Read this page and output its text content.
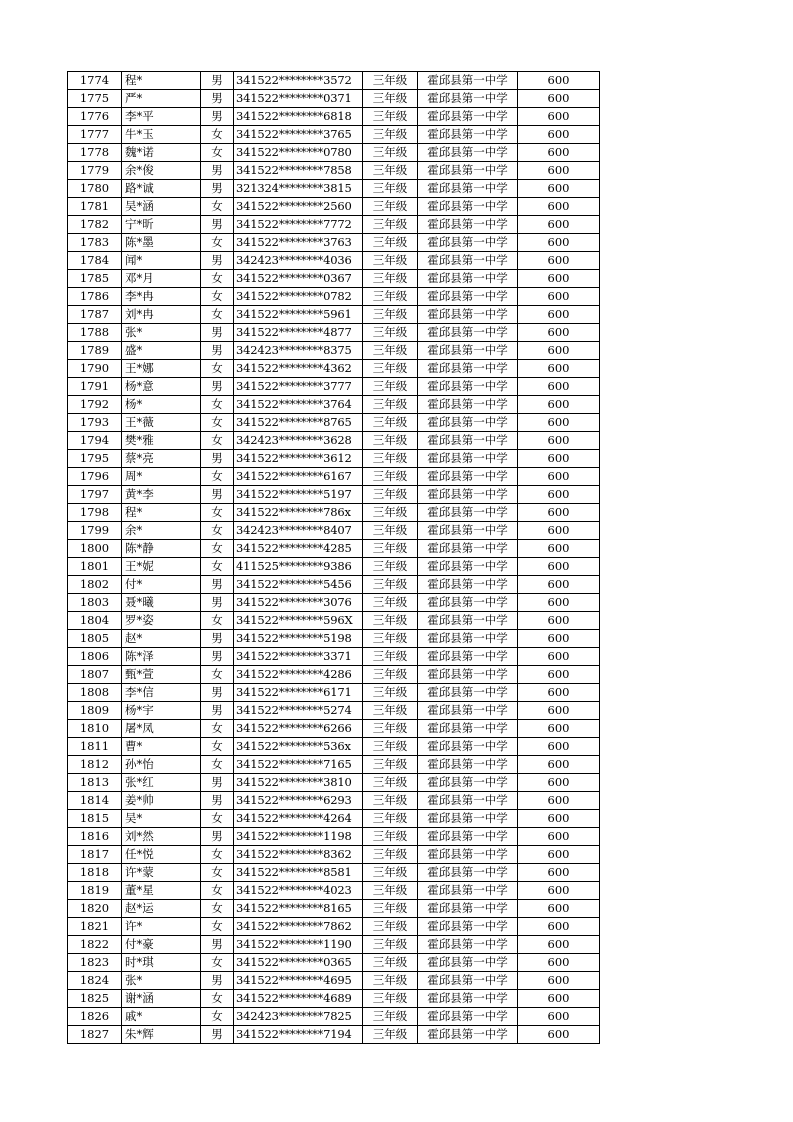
1774	程*	男	341522********3572	三年级	霍邱县第一中学	600
1775	严*	男	341522********0371	三年级	霍邱县第一中学	600
1776	李*平	男	341522********6818	三年级	霍邱县第一中学	600
1777	牛*玉	女	341522********3765	三年级	霍邱县第一中学	600
1778	魏*诺	女	341522********0780	三年级	霍邱县第一中学	600
1779	余*俊	男	341522********7858	三年级	霍邱县第一中学	600
1780	路*诚	男	321324********3815	三年级	霍邱县第一中学	600
1781	吴*涵	女	341522********2560	三年级	霍邱县第一中学	600
1782	宁*昕	男	341522********7772	三年级	霍邱县第一中学	600
1783	陈*墨	女	341522********3763	三年级	霍邱县第一中学	600
1784	闻*	男	342423********4036	三年级	霍邱县第一中学	600
1785	邓*月	女	341522********0367	三年级	霍邱县第一中学	600
1786	李*冉	女	341522********0782	三年级	霍邱县第一中学	600
1787	刘*冉	女	341522********5961	三年级	霍邱县第一中学	600
1788	张*	男	341522********4877	三年级	霍邱县第一中学	600
1789	盛*	男	342423********8375	三年级	霍邱县第一中学	600
1790	王*娜	女	341522********4362	三年级	霍邱县第一中学	600
1791	杨*意	男	341522********3777	三年级	霍邱县第一中学	600
1792	杨*	女	341522********3764	三年级	霍邱县第一中学	600
1793	王*薇	女	341522********8765	三年级	霍邱县第一中学	600
1794	樊*雅	女	342423********3628	三年级	霍邱县第一中学	600
1795	蔡*亮	男	341522********3612	三年级	霍邱县第一中学	600
1796	周*	女	341522********6167	三年级	霍邱县第一中学	600
1797	黄*李	男	341522********5197	三年级	霍邱县第一中学	600
1798	程*	女	341522********786x	三年级	霍邱县第一中学	600
1799	余*	女	342423********8407	三年级	霍邱县第一中学	600
1800	陈*静	女	341522********4285	三年级	霍邱县第一中学	600
1801	王*妮	女	411525********9386	三年级	霍邱县第一中学	600
1802	付*	男	341522********5456	三年级	霍邱县第一中学	600
1803	聂*曦	男	341522********3076	三年级	霍邱县第一中学	600
1804	罗*姿	女	341522********596X	三年级	霍邱县第一中学	600
1805	赵*	男	341522********5198	三年级	霍邱县第一中学	600
1806	陈*泽	男	341522********3371	三年级	霍邱县第一中学	600
1807	甄*萱	女	341522********4286	三年级	霍邱县第一中学	600
1808	李*信	男	341522********6171	三年级	霍邱县第一中学	600
1809	杨*宇	男	341522********5274	三年级	霍邱县第一中学	600
1810	屠*凤	女	341522********6266	三年级	霍邱县第一中学	600
1811	曹*	女	341522********536x	三年级	霍邱县第一中学	600
1812	孙*怡	女	341522********7165	三年级	霍邱县第一中学	600
1813	张*红	男	341522********3810	三年级	霍邱县第一中学	600
1814	姜*帅	男	341522********6293	三年级	霍邱县第一中学	600
1815	吴*	女	341522********4264	三年级	霍邱县第一中学	600
1816	刘*然	男	341522********1198	三年级	霍邱县第一中学	600
1817	任*悦	女	341522********8362	三年级	霍邱县第一中学	600
1818	许*蒙	女	341522********8581	三年级	霍邱县第一中学	600
1819	董*星	女	341522********4023	三年级	霍邱县第一中学	600
1820	赵*运	女	341522********8165	三年级	霍邱县第一中学	600
1821	许*	女	341522********7862	三年级	霍邱县第一中学	600
1822	付*豪	男	341522********1190	三年级	霍邱县第一中学	600
1823	时*琪	女	341522********0365	三年级	霍邱县第一中学	600
1824	张*	男	341522********4695	三年级	霍邱县第一中学	600
1825	谢*涵	女	341522********4689	三年级	霍邱县第一中学	600
1826	戚*	女	342423********7825	三年级	霍邱县第一中学	600
1827	朱*辉	男	341522********7194	三年级	霍邱县第一中学	600
